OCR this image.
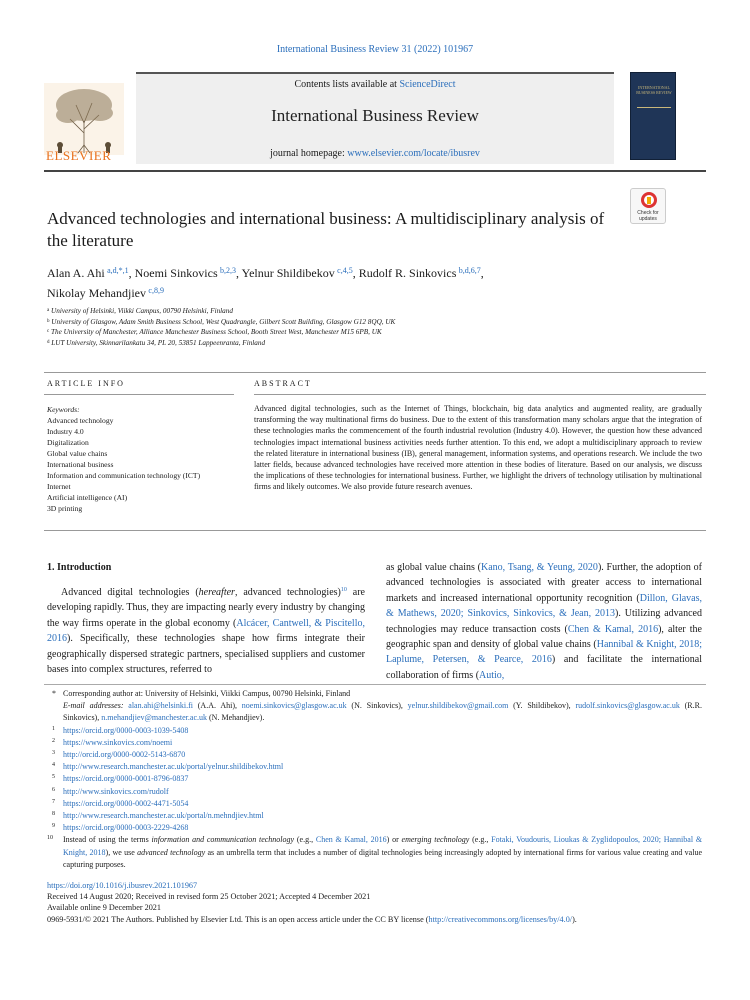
International Business Review 31 (2022) 101967
ELSEVIER
Contents lists available at ScienceDirect
International Business Review
journal homepage: www.elsevier.com/locate/ibusrev
INTERNATIONAL BUSINESS REVIEW
Check for
updates
Advanced technologies and international business: A multidisciplinary analysis of the literature
Alan A. Ahi  $^{a,d,*,1}$, Noemi Sinkovics  $^{b,2,3}$, Yelnur Shildibekov  $^{c,4,5}$, Rudolf R. Sinkovics  $^{b,d,6,7}$,
Nikolay Mehandjiev  $^{c,8,9}$
$^a$ University of Helsinki, Viikki Campus, 00790 Helsinki, Finland
$^b$ University of Glasgow, Adam Smith Business School, West Quadrangle, Gilbert Scott Building, Glasgow G12 8QQ, UK
$^c$ The University of Manchester, Alliance Manchester Business School, Booth Street West, Manchester M15 6PB, UK
$^d$ LUT University, Skinnarilankatu 34, PL 20, 53851 Lappeenranta, Finland
ARTICLE INFO	ABSTRACT
Keywords:
Advanced technology
Industry 4.0
Digitalization
Global value chains
International business
Information and communication technology (ICT)
Internet
Artificial intelligence (AI)
3D printing
Advanced digital technologies, such as the Internet of Things, blockchain, big data analytics and augmented reality, are gradually transforming the way multinational firms do business. Due to the extent of this transformation many scholars argue that the integration of these technologies marks the commencement of the fourth industrial revolution (Industry 4.0). However, the question how these advanced technologies impact international business activities needs further attention. To this end, we adopt a multidisciplinary approach to review the related literature in international business (IB), general management, information systems, and operations research. We include the two latter fields, because advanced technologies have received more attention in these bodies of literature. Based on our analysis, we discuss the implications of these technologies for international business. Further, we highlight the drivers of technology utilisation by multinational firms and likely outcomes. We also provide future research avenues.
1. Introduction
Advanced digital technologies (hereafter, advanced technologies)$^{10}$ are developing rapidly. Thus, they are impacting nearly every industry by changing the way firms operate in the global economy (Alcácer, Cantwell, & Piscitello, 2016). Specifically, these technologies shape how firms integrate their geographically dispersed strategic partners, specialised suppliers and customer bases into complex structures, referred to
as global value chains (Kano, Tsang, & Yeung, 2020). Further, the adoption of advanced technologies is associated with greater access to international markets and increased international opportunity recognition (Dillon, Glavas, & Mathews, 2020; Sinkovics, Sinkovics, & Jean, 2013). Utilizing advanced technologies may reduce transaction costs (Chen & Kamal, 2016), alter the geographic span and density of global value chains (Hannibal & Knight, 2018; Laplume, Petersen, & Pearce, 2016) and facilitate the international collaboration of firms (Autio,
* Corresponding author at: University of Helsinki, Viikki Campus, 00790 Helsinki, Finland
E-mail addresses: alan.ahi@helsinki.fi (A.A. Ahi), noemi.sinkovics@glasgow.ac.uk (N. Sinkovics), yelnur.shildibekov@gmail.com (Y. Shildibekov), rudolf.sinkovics@glasgow.ac.uk (R.R. Sinkovics), n.mehandjiev@manchester.ac.uk (N. Mehandjiev).
1 https://orcid.org/0000-0003-1039-5408
2 https://www.sinkovics.com/noemi
3 http://orcid.org/0000-0002-5143-6870
4 http://www.research.manchester.ac.uk/portal/yelnur.shildibekov.html
5 https://orcid.org/0000-0001-8796-0837
6 http://www.sinkovics.com/rudolf
7 https://orcid.org/0000-0002-4471-5054
8 http://www.research.manchester.ac.uk/portal/n.mehndjiev.html
9 https://orcid.org/0000-0003-2229-4268
10 Instead of using the terms information and communication technology (e.g., Chen & Kamal, 2016) or emerging technology (e.g., Fotaki, Voudouris, Lioukas & Zyglidopoulos, 2020; Hannibal & Knight, 2018), we use advanced technology as an umbrella term that includes a number of digital technologies being increasingly adopted by international firms for various value creating and value capturing purposes.
https://doi.org/10.1016/j.ibusrev.2021.101967
Received 14 August 2020; Received in revised form 25 October 2021; Accepted 4 December 2021
Available online 9 December 2021
0969-5931/© 2021 The Authors. Published by Elsevier Ltd. This is an open access article under the CC BY license (http://creativecommons.org/licenses/by/4.0/).
